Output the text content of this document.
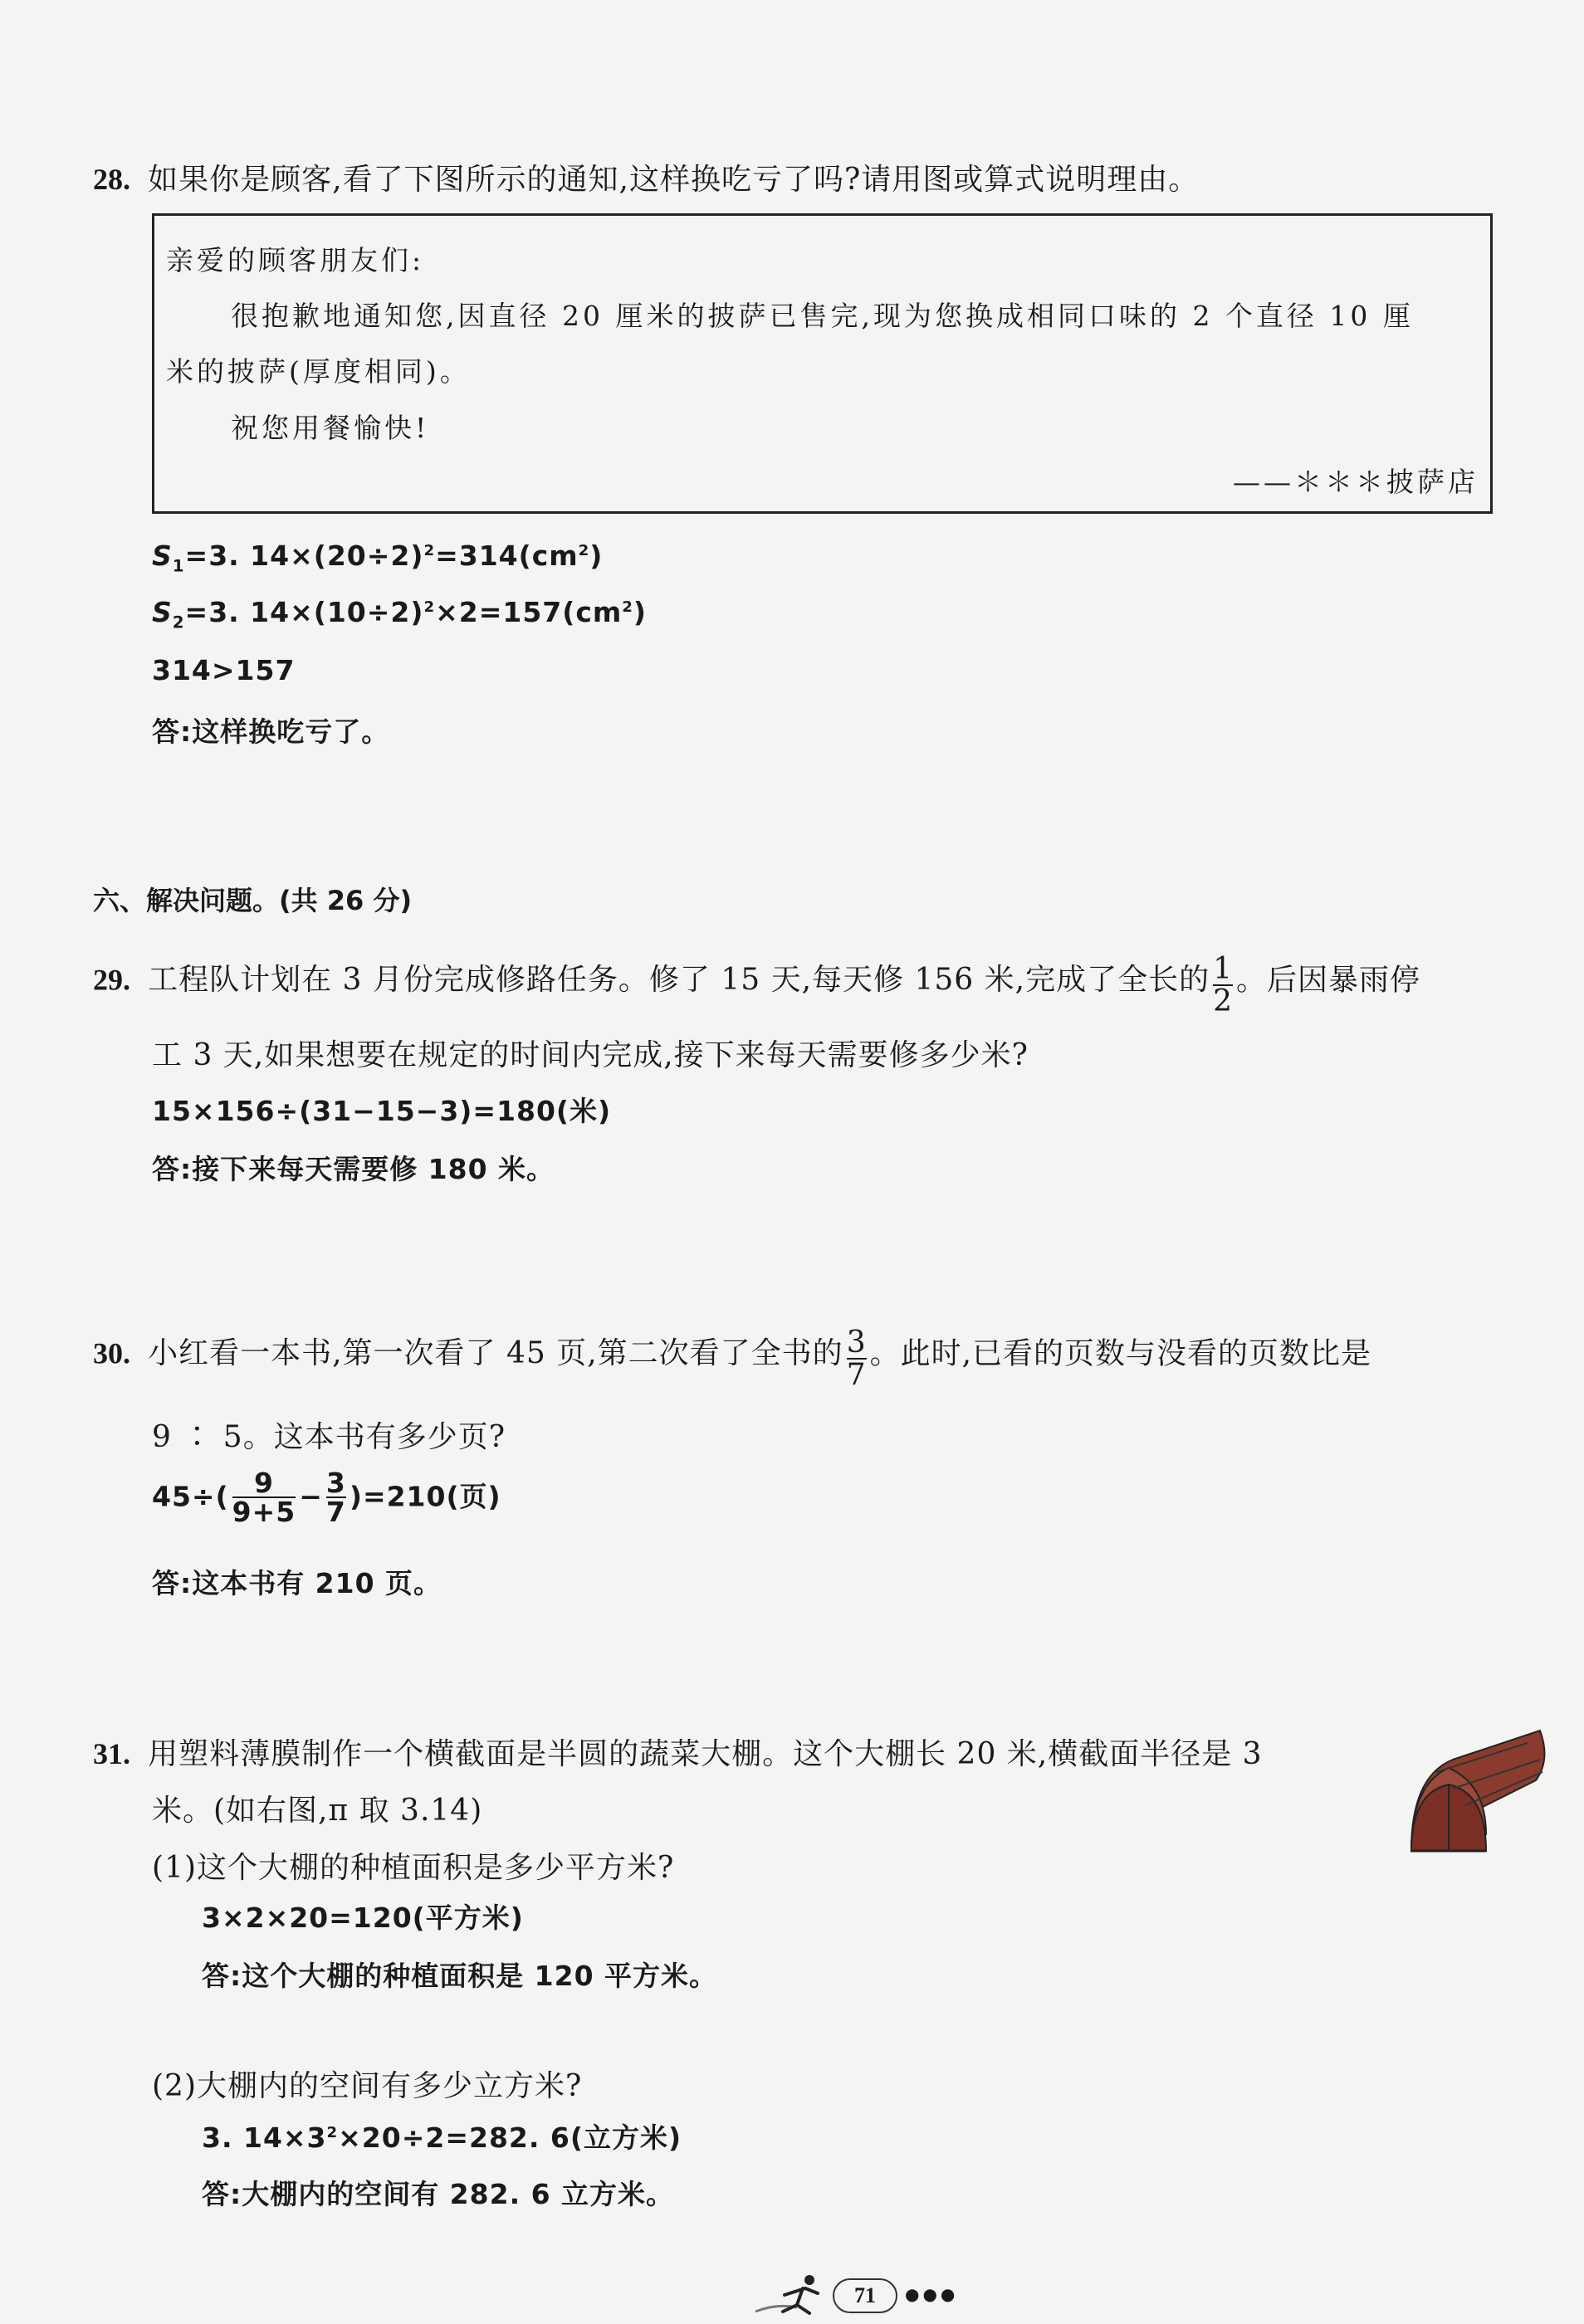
28. 如果你是顾客,看了下图所示的通知,这样换吃亏了吗?请用图或算式说明理由。
亲爱的顾客朋友们:
很抱歉地通知您,因直径 20 厘米的披萨已售完,现为您换成相同口味的 2 个直径 10 厘
米的披萨(厚度相同)。
祝您用餐愉快!
——＊＊＊披萨店
$S_1=3$. $14\times(20\div 2)^2=314(cm^2)$
$S_2=3$. $14\times(10\div 2)^2\times 2=157(cm^2)$
314>157
答:这样换吃亏了。
六、解决问题。(共 26 分)
29. 工程队计划在 3 月份完成修路任务。修了 15 天,每天修 156 米,完成了全长的 $\frac{1}{2}$ 。后因暴雨停
工 3 天,如果想要在规定的时间内完成,接下来每天需要修多少米?
15×156÷(31−15−3)=180(米)
答:接下来每天需要修 180 米。
30. 小红看一本书,第一次看了 45 页,第二次看了全书的 $\frac{3}{7}$ 。此时,已看的页数与没看的页数比是
9 ∶ 5。这本书有多少页?
$45\div( \frac{9}{9+5} - \frac{3}{7} )=210$(页)
答:这本书有 210 页。
31. 用塑料薄膜制作一个横截面是半圆的蔬菜大棚。这个大棚长 20 米,横截面半径是 3
米。(如右图,π 取 3.14)
(1)这个大棚的种植面积是多少平方米?
3×2×20=120(平方米)
答:这个大棚的种植面积是 120 平方米。
(2)大棚内的空间有多少立方米?
3. $14\times 3^2\times 20\div 2=282$. 6(立方米)
答:大棚内的空间有 282. 6 立方米。
71	●●●
